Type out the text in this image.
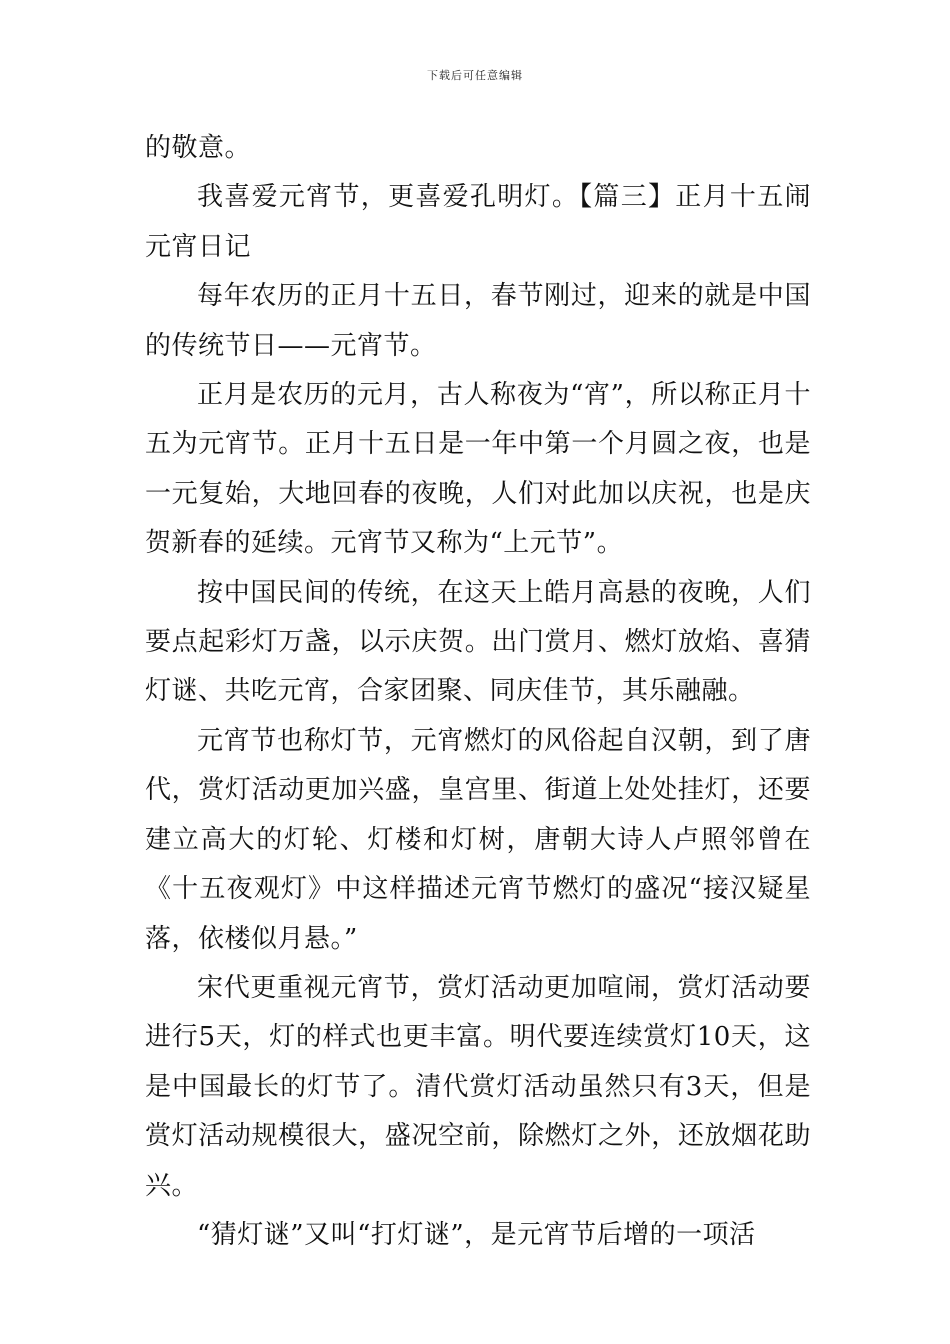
下载后可任意编辑

的敬意。

我喜爱元宵节，更喜爱孔明灯。【篇三】正月十五闹元宵日记

每年农历的正月十五日，春节刚过，迎来的就是中国的传统节日——元宵节。

正月是农历的元月，古人称夜为“宵”，所以称正月十五为元宵节。正月十五日是一年中第一个月圆之夜，也是一元复始，大地回春的夜晚，人们对此加以庆祝，也是庆贺新春的延续。元宵节又称为“上元节”。

按中国民间的传统，在这天上皓月高悬的夜晚，人们要点起彩灯万盏，以示庆贺。出门赏月、燃灯放焰、喜猜灯谜、共吃元宵，合家团聚、同庆佳节，其乐融融。

元宵节也称灯节，元宵燃灯的风俗起自汉朝，到了唐代，赏灯活动更加兴盛，皇宫里、街道上处处挂灯，还要建立高大的灯轮、灯楼和灯树，唐朝大诗人卢照邻曾在《十五夜观灯》中这样描述元宵节燃灯的盛况“接汉疑星落，依楼似月悬。”

宋代更重视元宵节，赏灯活动更加喧闹，赏灯活动要进行5天，灯的样式也更丰富。明代要连续赏灯10天，这是中国最长的灯节了。清代赏灯活动虽然只有3天，但是赏灯活动规模很大，盛况空前，除燃灯之外，还放烟花助兴。

“猜灯谜”又叫“打灯谜”，是元宵节后增的一项活
